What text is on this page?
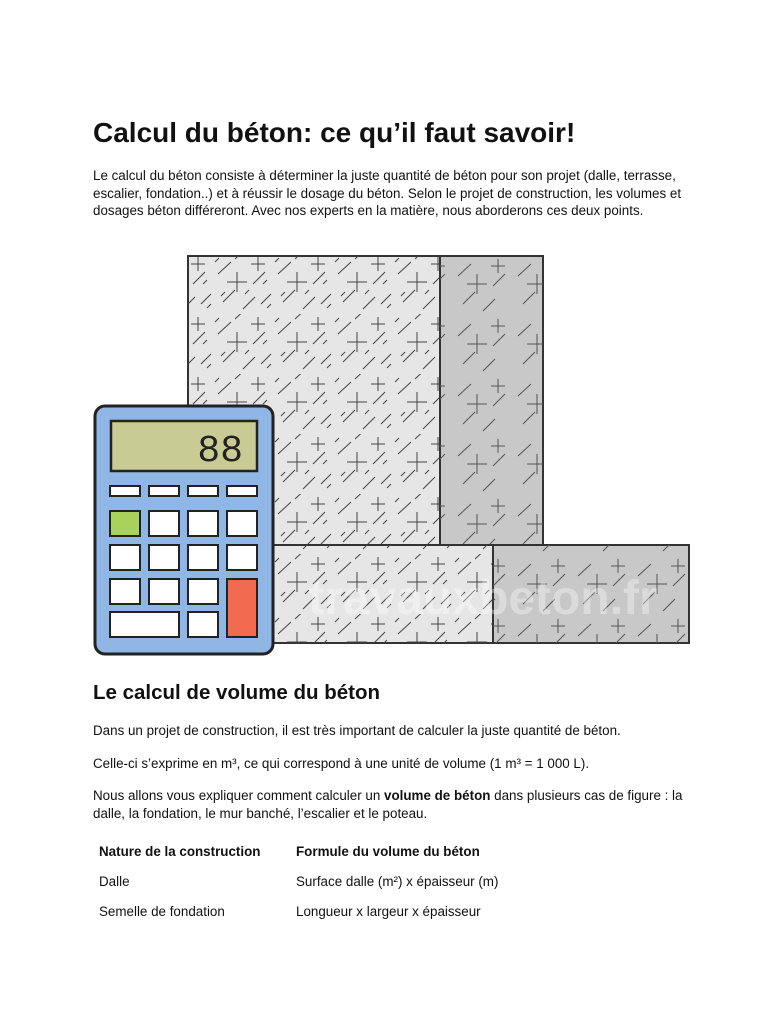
Calcul du béton: ce qu’il faut savoir!

Le calcul du béton consiste à déterminer la juste quantité de béton pour son projet (dalle, terrasse, escalier, fondation..) et à réussir le dosage du béton. Selon le projet de construction, les volumes et dosages béton différeront. Avec nos experts en la matière, nous aborderons ces deux points.

88
travauxbeton.fr
Le calcul de volume du béton

Dans un projet de construction, il est très important de calculer la juste quantité de béton.

Celle-ci s’exprime en m³, ce qui correspond à une unité de volume (1 m³ = 1 000 L).

Nous allons vous expliquer comment calculer un volume de béton dans plusieurs cas de figure : la dalle, la fondation, le mur banché, l’escalier et le poteau.

Nature de la construction	Formule du volume du béton
Dalle	Surface dalle (m²) x épaisseur (m)
Semelle de fondation	Longueur x largeur x épaisseur
